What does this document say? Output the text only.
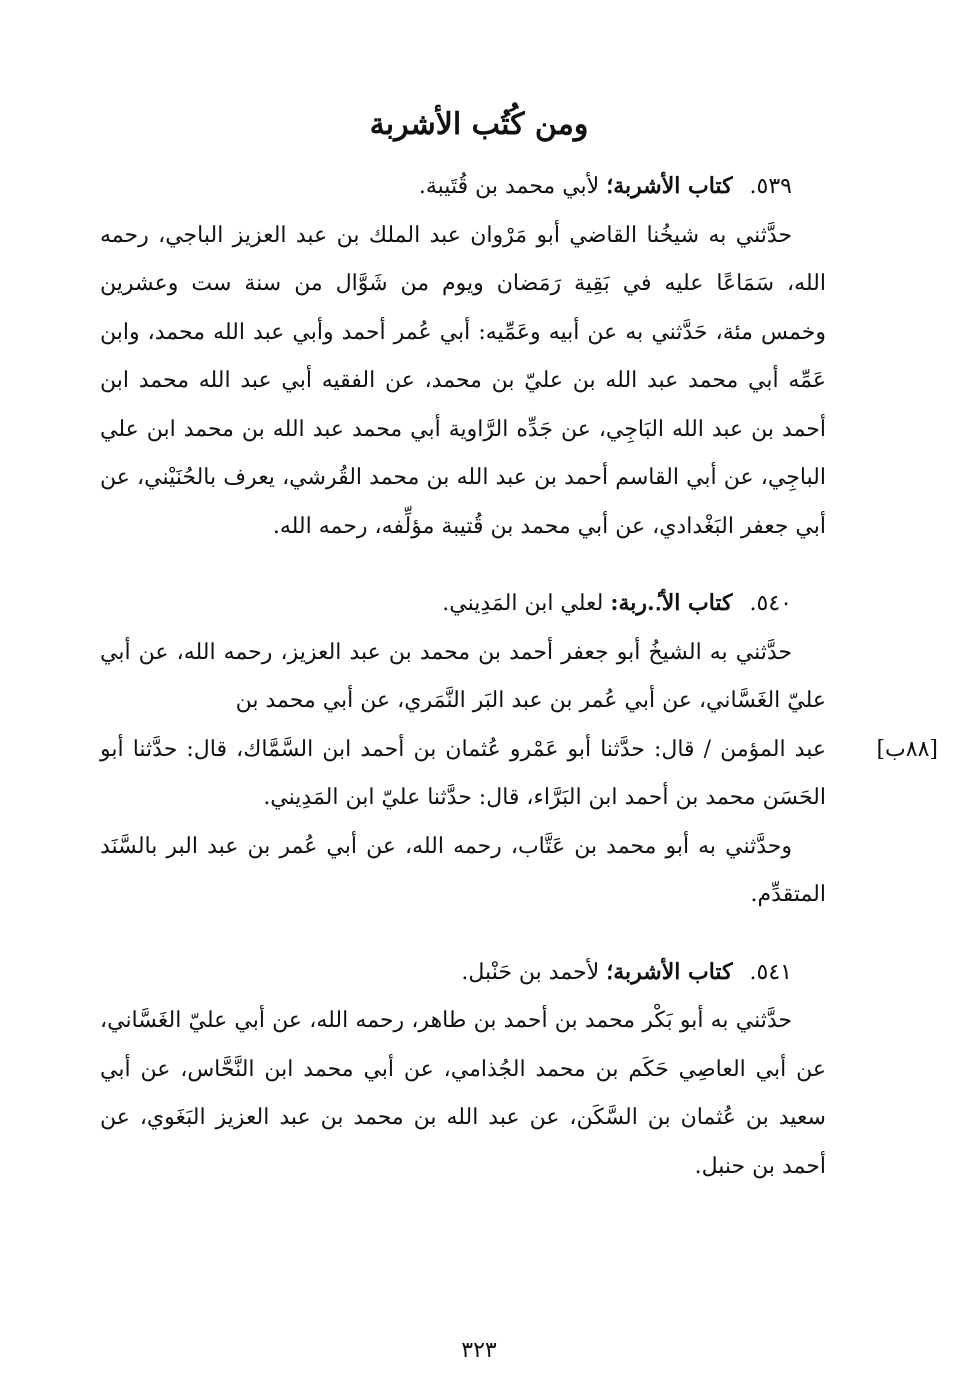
ومن كُتُب الأشربة

٥٣٩. كتاب الأشربة؛ لأبي محمد بن قُتَيبة.

حدَّثني به شيخُنا القاضي أبو مَرْوان عبد الملك بن عبد العزيز الباجي، رحمه الله، سَمَاعًا عليه في بَقِية رَمَضان ويوم من شَوَّال من سنة ست وعشرين وخمس مئة، حَدَّثني به عن أبيه وعَمِّيه: أبي عُمر أحمد وأبي عبد الله محمد، وابن عَمِّه أبي محمد عبد الله بن عليّ بن محمد، عن الفقيه أبي عبد الله محمد ابن أحمد بن عبد الله البَاجِي، عن جَدِّه الرَّاوية أبي محمد عبد الله بن محمد ابن علي الباجِي، عن أبي القاسم أحمد بن عبد الله بن محمد القُرشي، يعرف بالحُنَيْني، عن أبي جعفر البَغْدادي، عن أبي محمد بن قُتيبة مؤلِّفه، رحمه الله.

٥٤٠. كتاب الأ.ٔ.ربة: لعلي ابن المَدِيني.

حدَّثني به الشيخُ أبو جعفر أحمد بن محمد بن عبد العزيز، رحمه الله، عن أبي عليّ الغَسَّاني، عن أبي عُمر بن عبد البَر النَّمَري، عن أبي محمد بن

[٨٨ب]
عبد المؤمن / قال: حدَّثنا أبو عَمْرو عُثمان بن أحمد ابن السَّمَّاك، قال: حدَّثنا أبو الحَسَن محمد بن أحمد ابن البَرَّاء، قال: حدَّثنا عليّ ابن المَدِيني.

وحدَّثني به أبو محمد بن عَتَّاب، رحمه الله، عن أبي عُمر بن عبد البر بالسَّنَد المتقدِّم.

٥٤١. كتاب الأشربة؛ لأحمد بن حَنْبل.

حدَّثني به أبو بَكْر محمد بن أحمد بن طاهر، رحمه الله، عن أبي عليّ الغَسَّاني، عن أبي العاصِي حَكَم بن محمد الجُذامي، عن أبي محمد ابن النَّحَّاس، عن أبي سعيد بن عُثمان بن السَّكَن، عن عبد الله بن محمد بن عبد العزيز البَغَوي، عن أحمد بن حنبل.

٣٢٣
